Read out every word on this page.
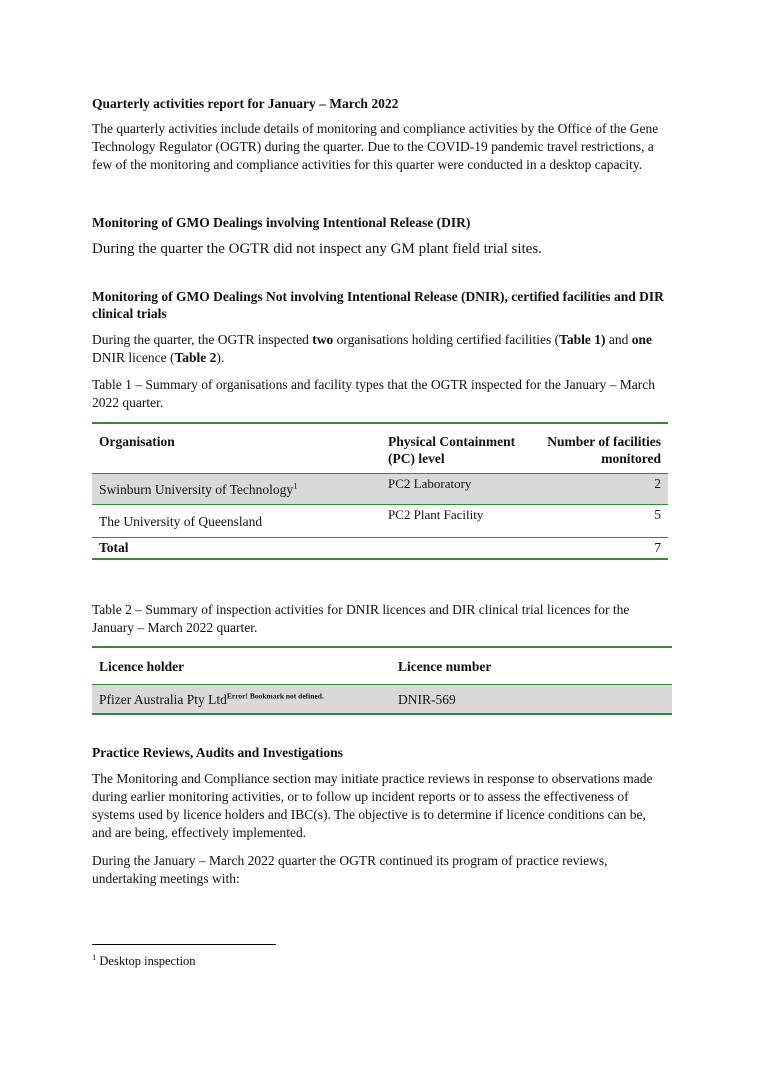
Quarterly activities report for January – March 2022

The quarterly activities include details of monitoring and compliance activities by the Office of the Gene Technology Regulator (OGTR) during the quarter. Due to the COVID-19 pandemic travel restrictions, a few of the monitoring and compliance activities for this quarter were conducted in a desktop capacity.

Monitoring of GMO Dealings involving Intentional Release (DIR)

During the quarter the OGTR did not inspect any GM plant field trial sites.

Monitoring of GMO Dealings Not involving Intentional Release (DNIR), certified facilities and DIR clinical trials

During the quarter, the OGTR inspected two organisations holding certified facilities (Table 1) and one DNIR licence (Table 2).

Table 1 – Summary of organisations and facility types that the OGTR inspected for the January – March 2022 quarter.

Organisation	Physical Containment (PC) level	Number of facilities monitored
Swinburn University of Technology$^1$	PC2 Laboratory	2
The University of Queensland	PC2 Plant Facility	5
Total		7

Table 2 – Summary of inspection activities for DNIR licences and DIR clinical trial licences for the January – March 2022 quarter.

Licence holder	Licence number
Pfizer Australia Pty Ltd$^{Error! Bookmark not defined.}$	DNIR-569
Practice Reviews, Audits and Investigations

The Monitoring and Compliance section may initiate practice reviews in response to observations made during earlier monitoring activities, or to follow up incident reports or to assess the effectiveness of systems used by licence holders and IBC(s). The objective is to determine if licence conditions can be, and are being, effectively implemented.

During the January – March 2022 quarter the OGTR continued its program of practice reviews, undertaking meetings with:

$^1$ Desktop inspection
